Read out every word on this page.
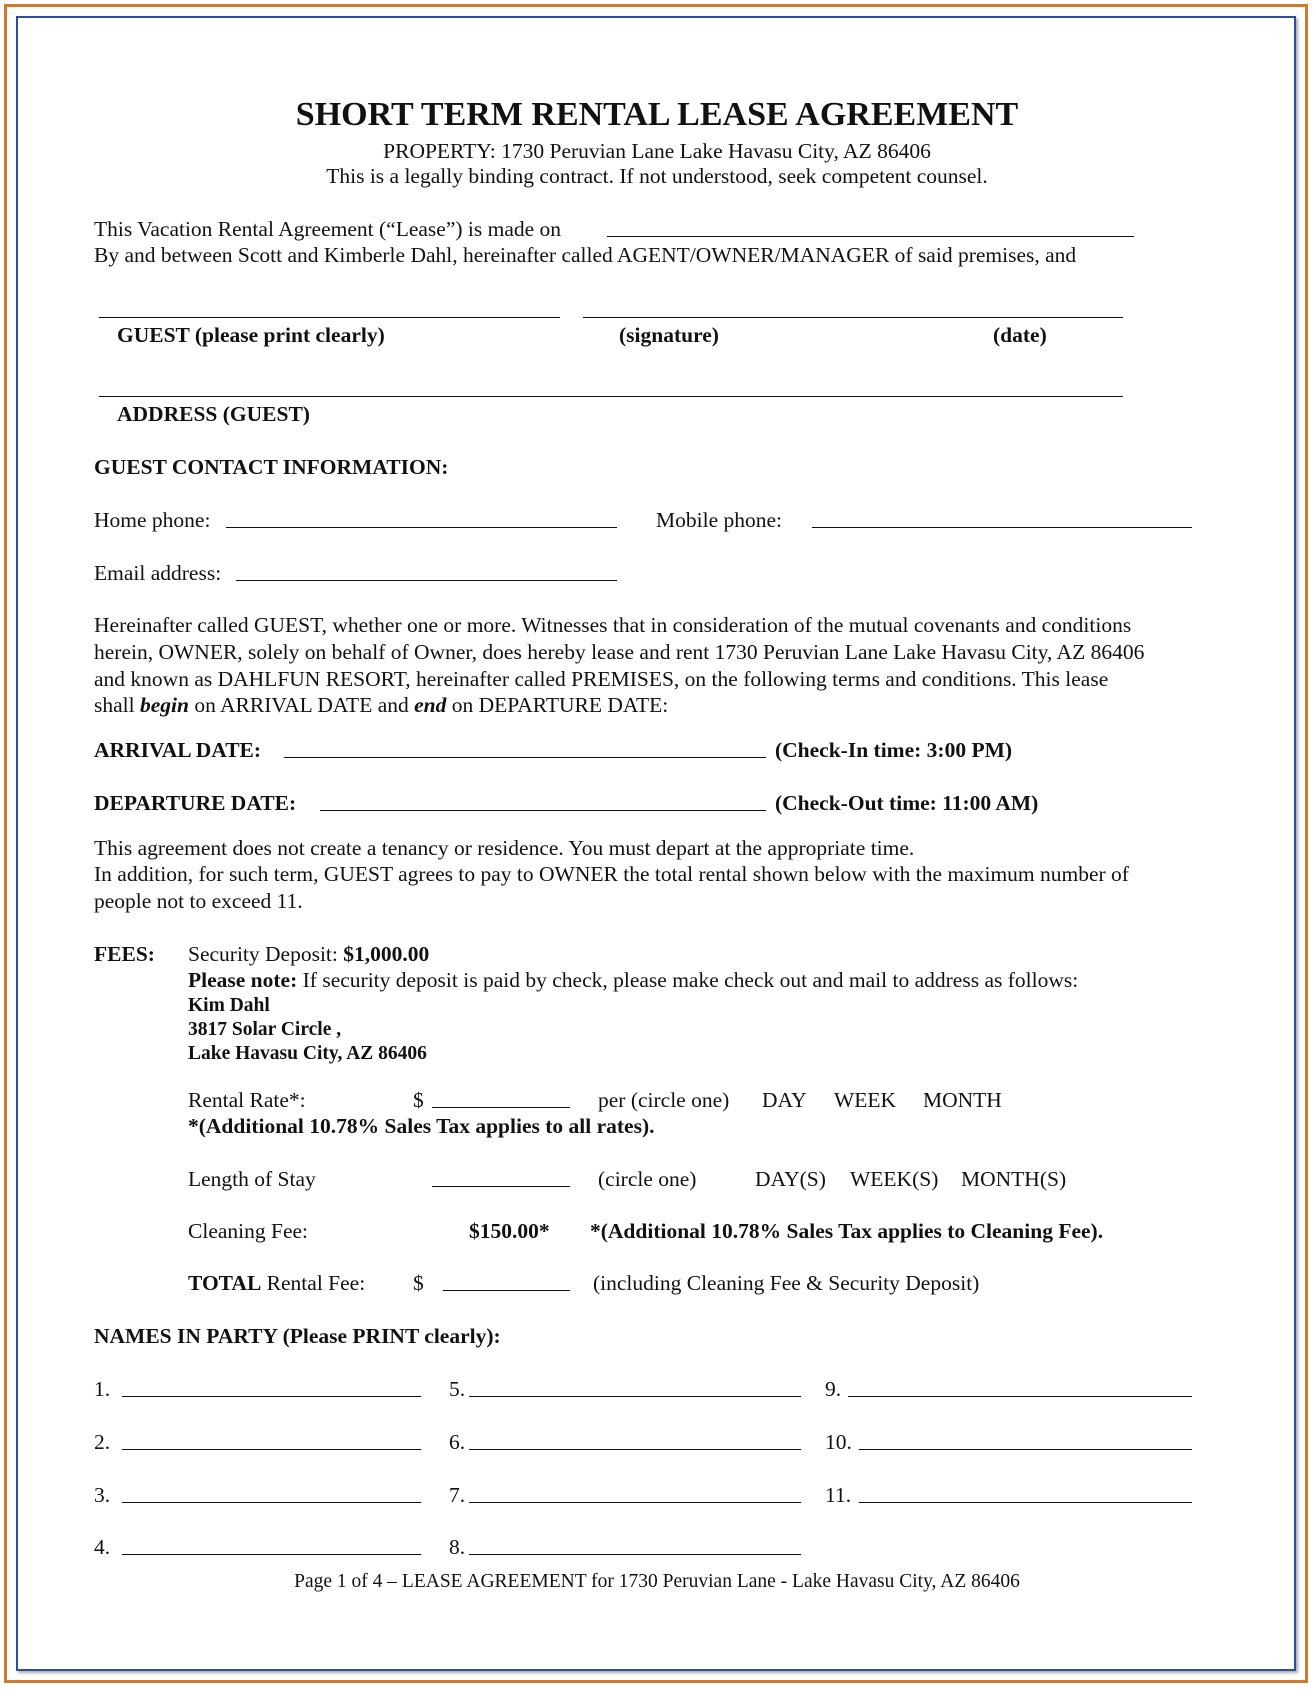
SHORT TERM RENTAL LEASE AGREEMENT
PROPERTY: 1730 Peruvian Lane Lake Havasu City, AZ 86406
This is a legally binding contract. If not understood, seek competent counsel.
This Vacation Rental Agreement (“Lease”) is made on
By and between Scott and Kimberle Dahl, hereinafter called AGENT/OWNER/MANAGER of said premises, and
GUEST (please print clearly)	(signature)	(date)
ADDRESS (GUEST)
GUEST CONTACT INFORMATION:
Home phone:	Mobile phone:
Email address:
Hereinafter called GUEST, whether one or more. Witnesses that in consideration of the mutual covenants and conditions
herein, OWNER, solely on behalf of Owner, does hereby lease and rent 1730 Peruvian Lane Lake Havasu City, AZ 86406
and known as DAHLFUN RESORT, hereinafter called PREMISES, on the following terms and conditions. This lease
shall begin on ARRIVAL DATE and end on DEPARTURE DATE:
ARRIVAL DATE:	(Check-In time: 3:00 PM)
DEPARTURE DATE:	(Check-Out time: 11:00 AM)
This agreement does not create a tenancy or residence. You must depart at the appropriate time.
In addition, for such term, GUEST agrees to pay to OWNER the total rental shown below with the maximum number of
people not to exceed 11.
FEES: Security Deposit: $1,000.00
Please note: If security deposit is paid by check, please make check out and mail to address as follows:
Kim Dahl
3817 Solar Circle ,
Lake Havasu City, AZ 86406
Rental Rate*:	$	per (circle one) DAY WEEK MONTH
*(Additional 10.78% Sales Tax applies to all rates).
Length of Stay	(circle one)	DAY(S) WEEK(S) MONTH(S)
Cleaning Fee:	$150.00* *(Additional 10.78% Sales Tax applies to Cleaning Fee).
TOTAL Rental Fee: $	(including Cleaning Fee & Security Deposit)
NAMES IN PARTY (Please PRINT clearly):
1.	5.	9.
2.	6.	10.
3.	7.	11.
4.	8.
Page 1 of 4 – LEASE AGREEMENT for 1730 Peruvian Lane - Lake Havasu City, AZ 86406
